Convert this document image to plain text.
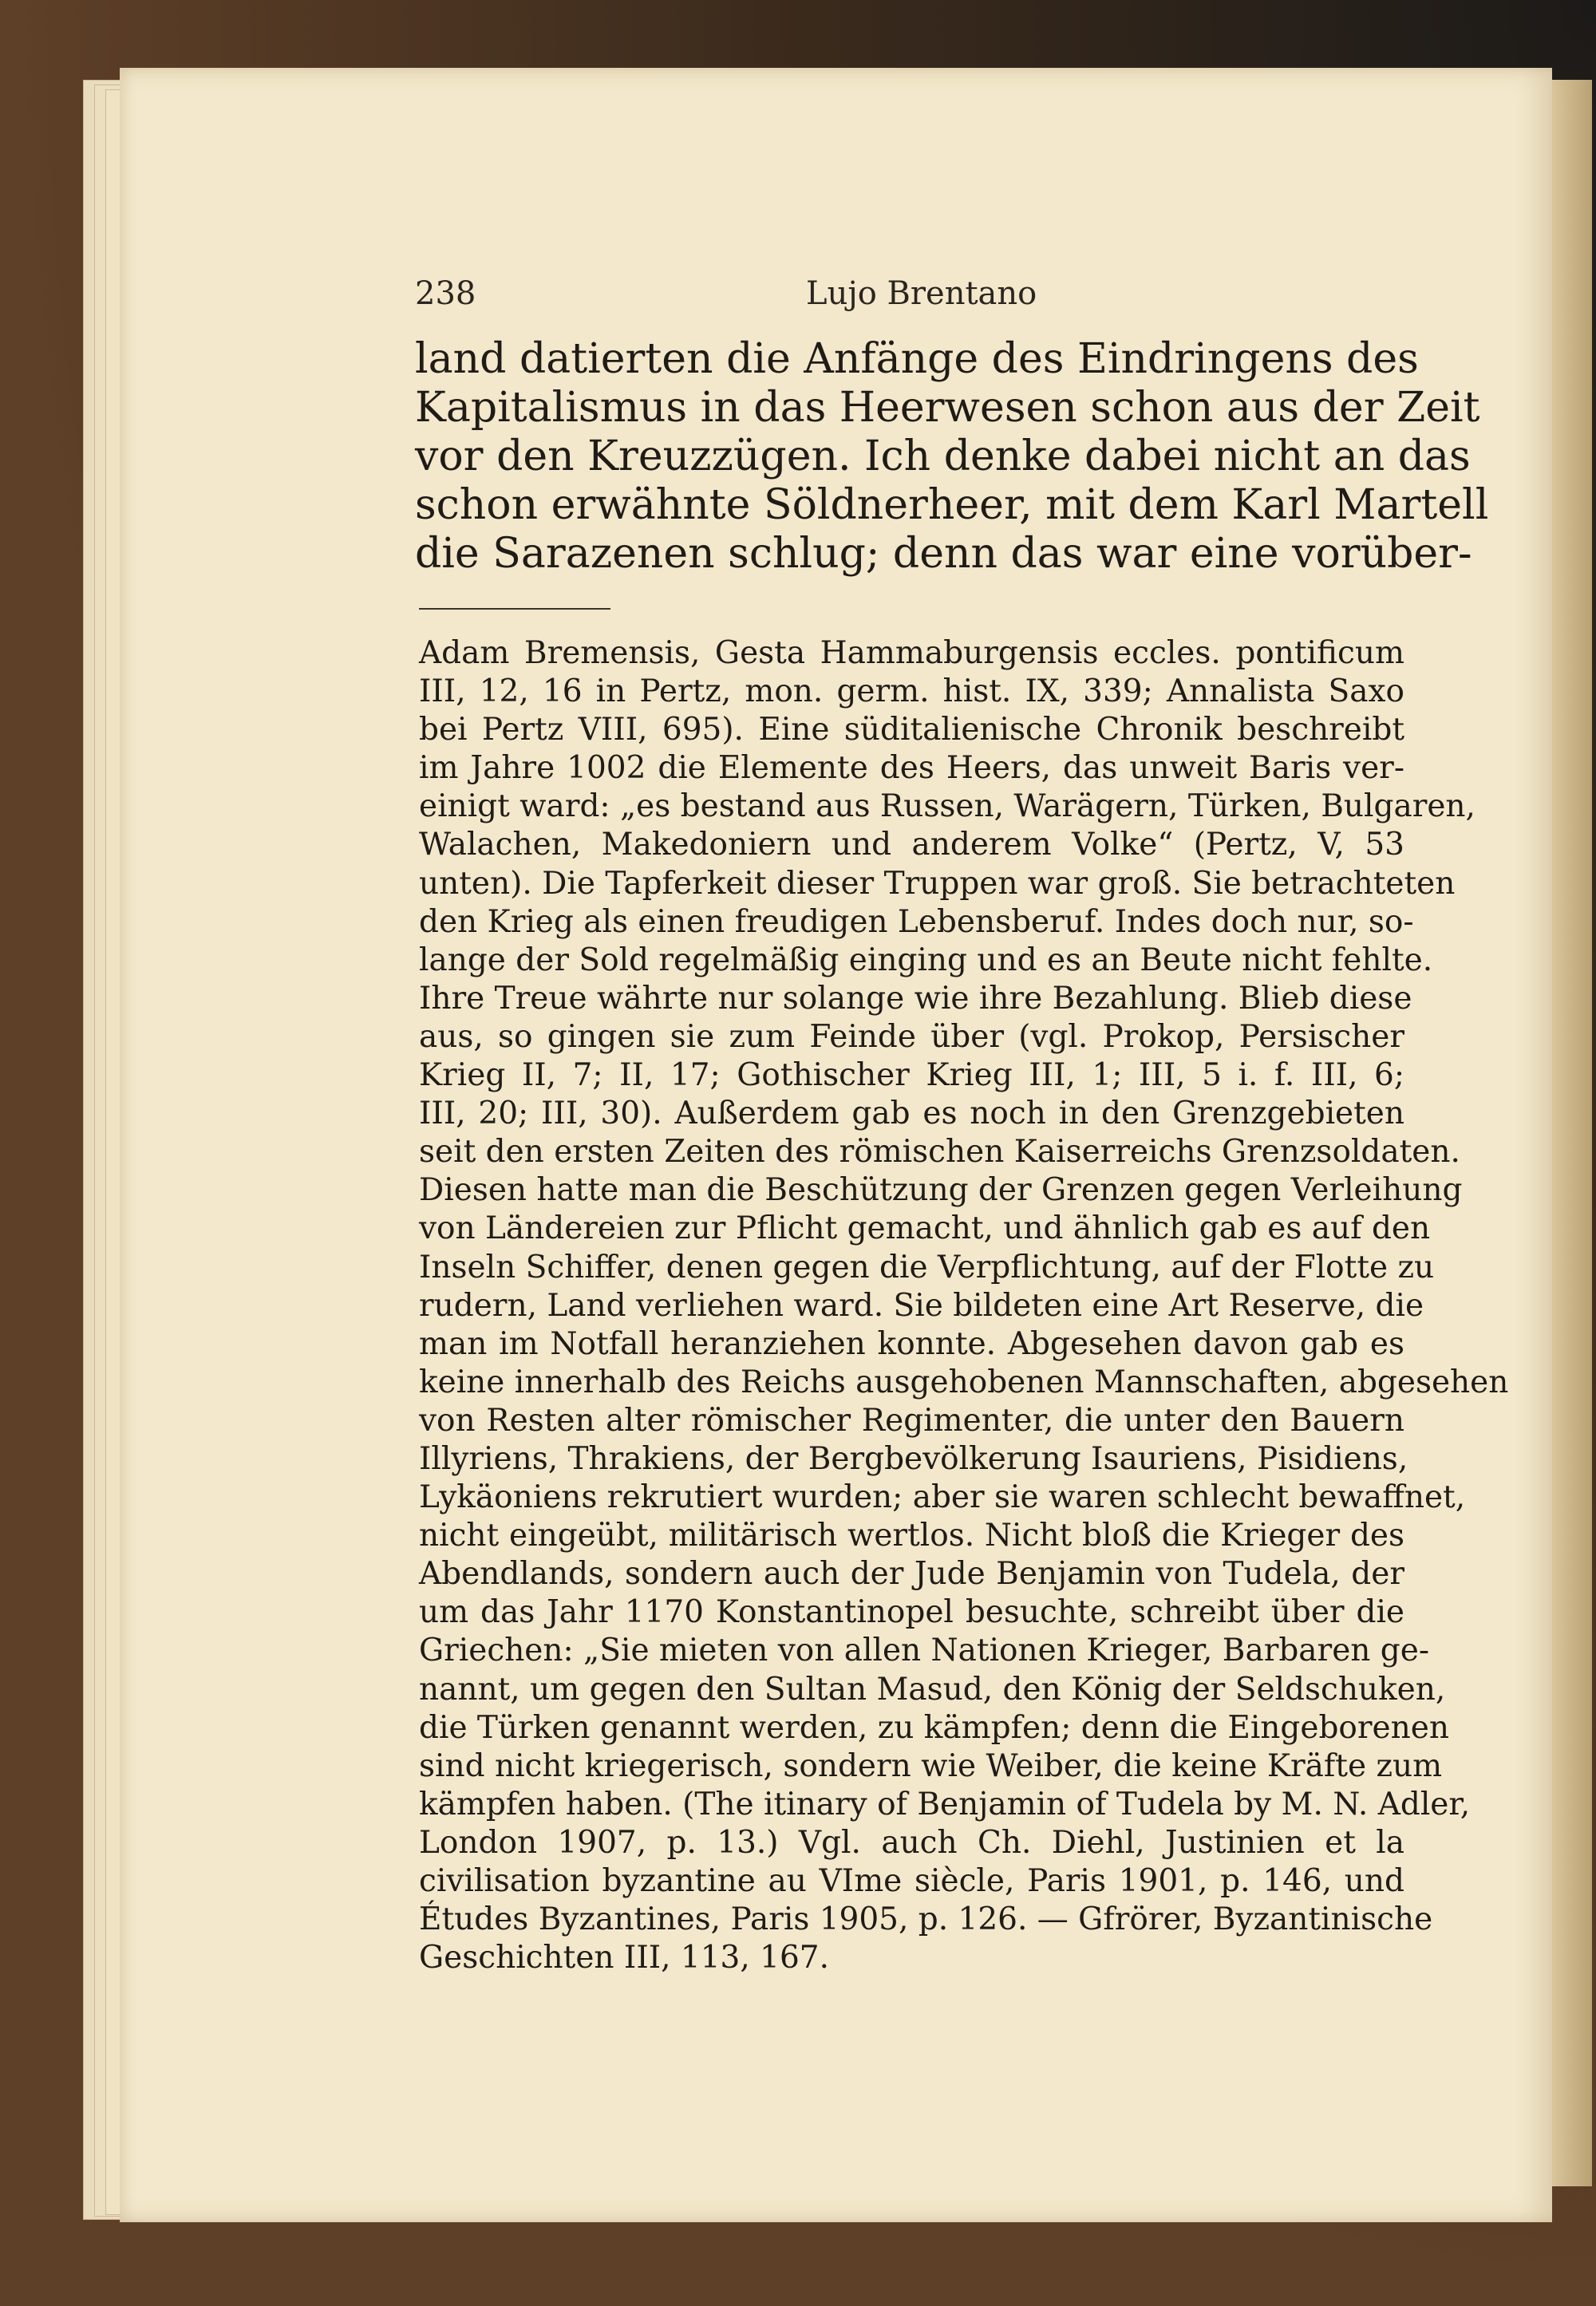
238	Lujo Brentano
land datierten die Anfänge des Eindringens des
Kapitalismus in das Heerwesen schon aus der Zeit
vor den Kreuzzügen. Ich denke dabei nicht an das
schon erwähnte Söldnerheer, mit dem Karl Martell
die Sarazenen schlug; denn das war eine vorüber-
Adam Bremensis, Gesta Hammaburgensis eccles. pontificum
III, 12, 16 in Pertz, mon. germ. hist. IX, 339; Annalista Saxo
bei Pertz VIII, 695). Eine süditalienische Chronik beschreibt
im Jahre 1002 die Elemente des Heers, das unweit Baris ver-
einigt ward: „es bestand aus Russen, Warägern, Türken, Bulgaren,
Walachen, Makedoniern und anderem Volke“ (Pertz, V, 53
unten). Die Tapferkeit dieser Truppen war groß. Sie betrachteten
den Krieg als einen freudigen Lebensberuf. Indes doch nur, so-
lange der Sold regelmäßig einging und es an Beute nicht fehlte.
Ihre Treue währte nur solange wie ihre Bezahlung. Blieb diese
aus, so gingen sie zum Feinde über (vgl. Prokop, Persischer
Krieg II, 7; II, 17; Gothischer Krieg III, 1; III, 5 i. f. III, 6;
III, 20; III, 30). Außerdem gab es noch in den Grenzgebieten
seit den ersten Zeiten des römischen Kaiserreichs Grenzsoldaten.
Diesen hatte man die Beschützung der Grenzen gegen Verleihung
von Ländereien zur Pflicht gemacht, und ähnlich gab es auf den
Inseln Schiffer, denen gegen die Verpflichtung, auf der Flotte zu
rudern, Land verliehen ward. Sie bildeten eine Art Reserve, die
man im Notfall heranziehen konnte. Abgesehen davon gab es
keine innerhalb des Reichs ausgehobenen Mannschaften, abgesehen
von Resten alter römischer Regimenter, die unter den Bauern
Illyriens, Thrakiens, der Bergbevölkerung Isauriens, Pisidiens,
Lykäoniens rekrutiert wurden; aber sie waren schlecht bewaffnet,
nicht eingeübt, militärisch wertlos. Nicht bloß die Krieger des
Abendlands, sondern auch der Jude Benjamin von Tudela, der
um das Jahr 1170 Konstantinopel besuchte, schreibt über die
Griechen: „Sie mieten von allen Nationen Krieger, Barbaren ge-
nannt, um gegen den Sultan Masud, den König der Seldschuken,
die Türken genannt werden, zu kämpfen; denn die Eingeborenen
sind nicht kriegerisch, sondern wie Weiber, die keine Kräfte zum
kämpfen haben. (The itinary of Benjamin of Tudela by M. N. Adler,
London 1907, p. 13.) Vgl. auch Ch. Diehl, Justinien et la
civilisation byzantine au VIme siècle, Paris 1901, p. 146, und
Études Byzantines, Paris 1905, p. 126. — Gfrörer, Byzantinische
Geschichten III, 113, 167.
